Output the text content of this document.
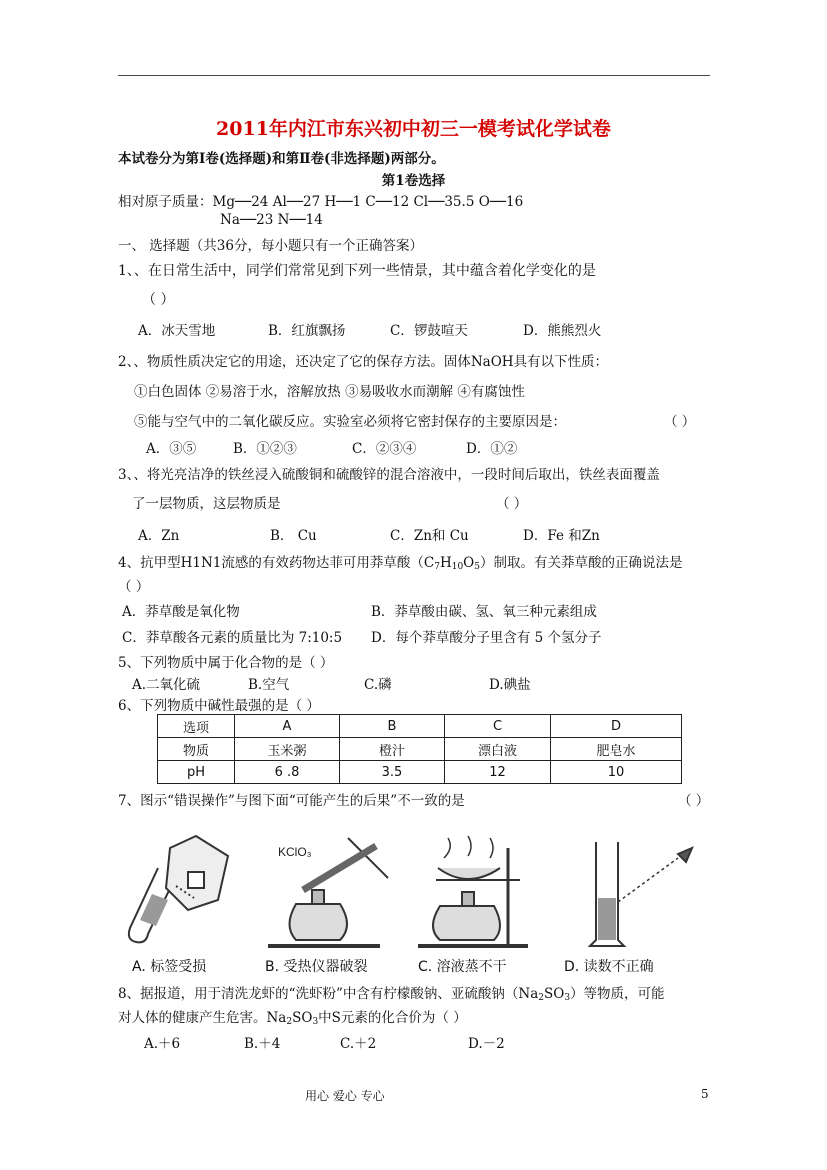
2011年内江市东兴初中初三一模考试化学试卷
本试卷分为第Ⅰ卷(选择题)和第Ⅱ卷(非选择题)两部分。
第1卷选择
相对原子质量：Mg──24 Al──27 H──1 C──12 Cl──35.5 O──16
Na──23 N──14
一、 选择题（共36分，每小题只有一个正确答案）
1、、在日常生活中，同学们常常见到下列一些情景，其中蕴含着化学变化的是
（ ）
A．冰天雪地	B．红旗飘扬	C．锣鼓喧天	D．熊熊烈火
2、、物质性质决定它的用途，还决定了它的保存方法。固体NaOH具有以下性质：
①白色固体 ②易溶于水，溶解放热 ③易吸收水而潮解 ④有腐蚀性
⑤能与空气中的二氧化碳反应。实验室必须将它密封保存的主要原因是：	（ ）
A．③⑤	B．①②③	C．②③④	D．①②
3、、将光亮洁净的铁丝浸入硫酸铜和硫酸锌的混合溶液中，一段时间后取出，铁丝表面覆盖
了一层物质，这层物质是	（ ）
A．Zn	B． Cu	C．Zn和 Cu	D．Fe 和Zn
4、抗甲型H1N1流感的有效药物达菲可用莽草酸$(C_7H_{10}O_5)$制取。有关莽草酸的正确说法是
（ ）
A．莽草酸是氧化物	B．莽草酸由碳、氢、氧三种元素组成
C．莽草酸各元素的质量比为 7:10:5 D．每个莽草酸分子里含有 5 个氢分子
5、下列物质中属于化合物的是（ ）
A.二氧化硫	B.空气	C.磷	D.碘盐
6、下列物质中碱性最强的是（ ）
选项	A	B	C	D
物质	玉米粥	橙汁	漂白液	肥皂水
pH	6 .8	3.5	12	10
7、图示“错误操作”与图下面“可能产生的后果”不一致的是	（ ）
KClO₃
A. 标签受损	B. 受热仪器破裂	C. 溶液蒸不干	D. 读数不正确
8、据报道，用于清洗龙虾的“洗虾粉”中含有柠檬酸钠、亚硫酸钠$(Na_2SO_3)$等物质，可能
对人体的健康产生危害。$Na_2SO_3$中S元素的化合价为（ ）
A.＋6	B.＋4	C.＋2	D.－2
用心 爱心 专心	5
